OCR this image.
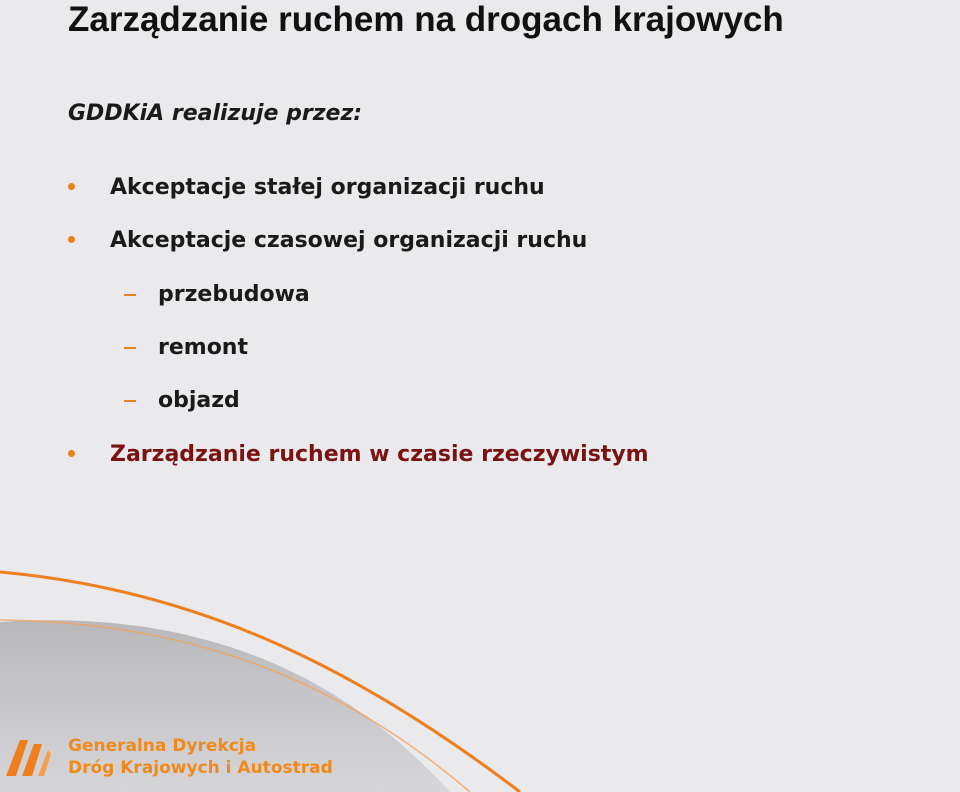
Zarządzanie ruchem na drogach krajowych
GDDKiA realizuje przez:
Akceptacje stałej organizacji ruchu
Akceptacje czasowej organizacji ruchu
przebudowa
remont
objazd
Zarządzanie ruchem w czasie rzeczywistym
Generalna Dyrekcja
Dróg Krajowych i Autostrad
